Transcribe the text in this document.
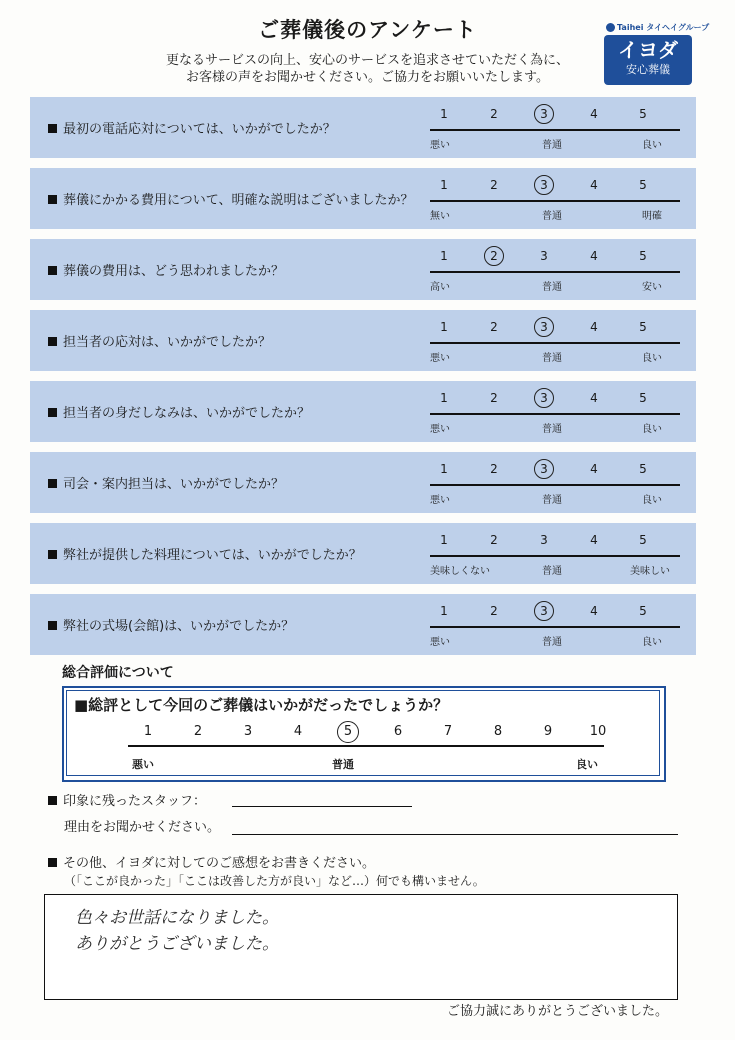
ご葬儀後のアンケート
更なるサービスの向上、安心のサービスを追求させていただく為に、
お客様の声をお聞かせください。ご協力をお願いいたします。
Taihei タイヘイグループ
イヨダ
安心葬儀
最初の電話応対については、いかがでしたか？
1	2	3	4	5
悪い	普通	良い
葬儀にかかる費用について、明確な説明はございましたか？
1	2	3	4	5
無い	普通	明確
葬儀の費用は、どう思われましたか？
1	2	3	4	5
高い	普通	安い
担当者の応対は、いかがでしたか？
1	2	3	4	5
悪い	普通	良い
担当者の身だしなみは、いかがでしたか？
1	2	3	4	5
悪い	普通	良い
司会・案内担当は、いかがでしたか？
1	2	3	4	5
悪い	普通	良い
弊社が提供した料理については、いかがでしたか？
1	2	3	4	5
美味しくない	普通	美味しい
弊社の式場(会館)は、いかがでしたか？
1	2	3	4	5
悪い	普通	良い
総合評価について
■総評として今回のご葬儀はいかがだったでしょうか？
悪い	普通	良い
1	2	3	4	5	6	7	8	9	10
印象に残ったスタッフ：
理由をお聞かせください。
その他、イヨダに対してのご感想をお書きください。
（「ここが良かった」「ここは改善した方が良い」など…）何でも構いません。
色々お世話になりました。
ありがとうございました。
ご協力誠にありがとうございました。
